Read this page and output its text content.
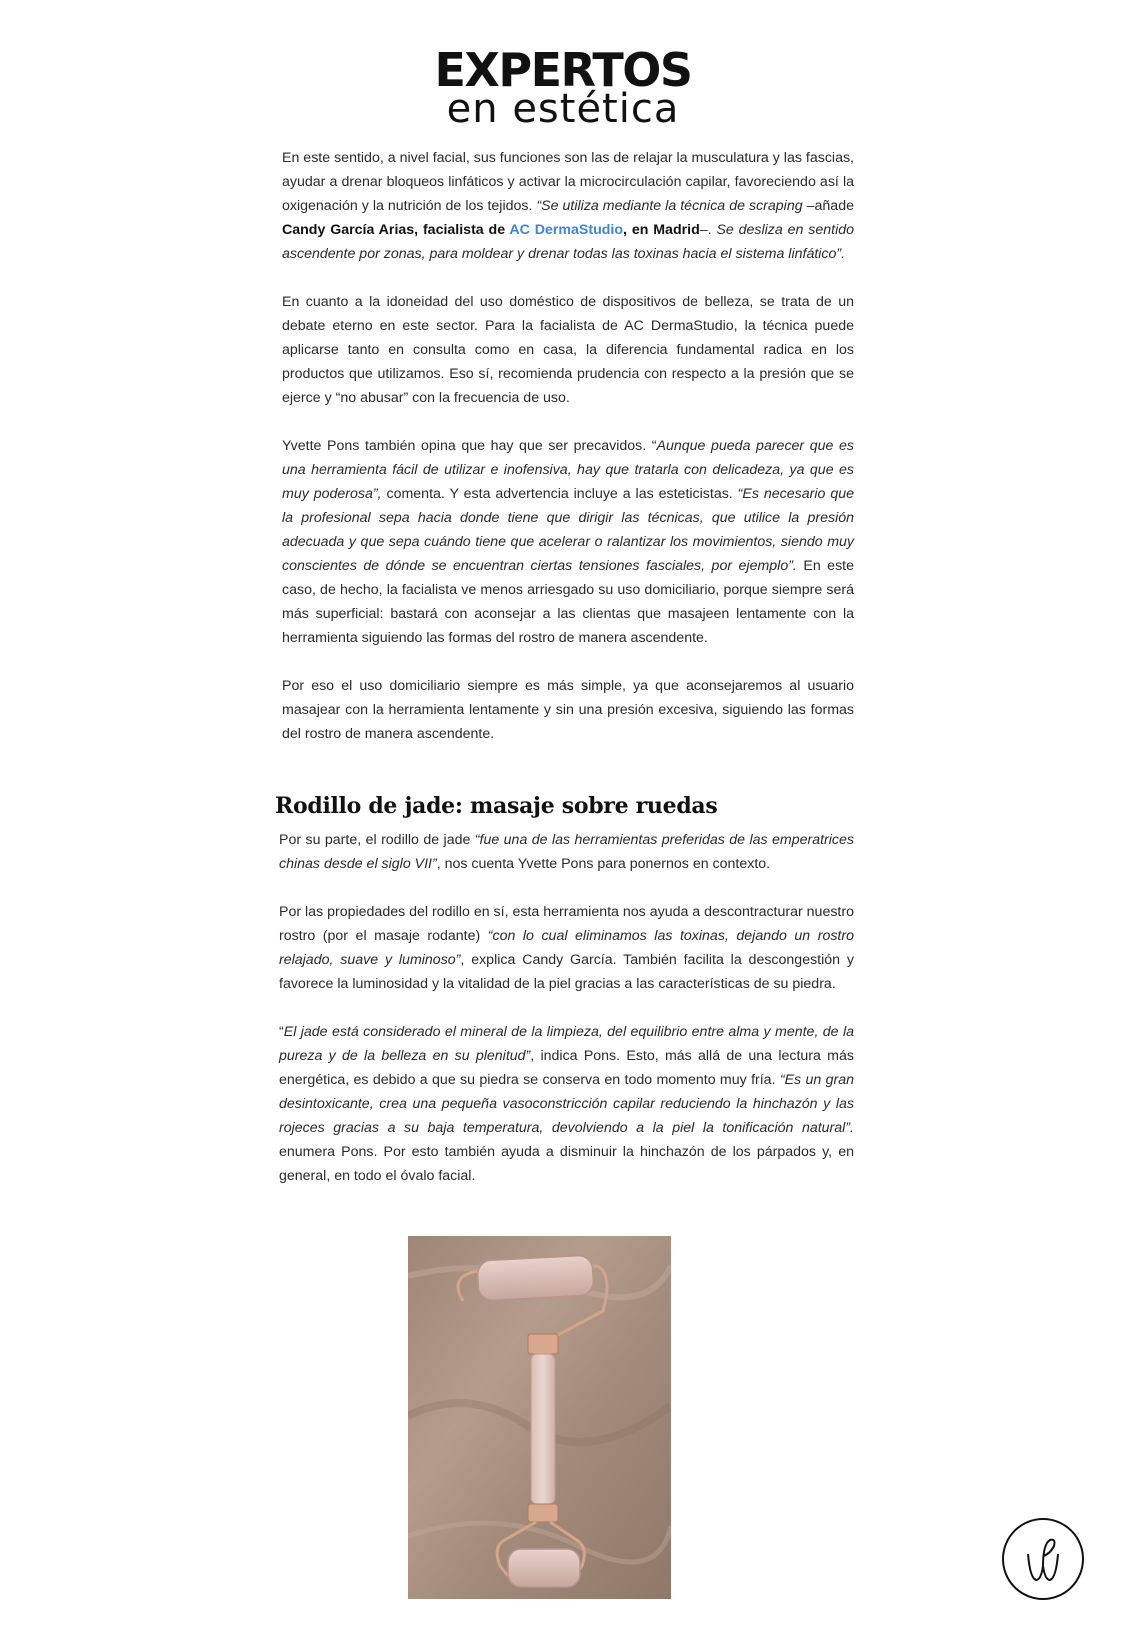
EXPERTOS
en estética

En este sentido, a nivel facial, sus funciones son las de relajar la musculatura y las fascias, ayudar a drenar bloqueos linfáticos y activar la microcirculación capilar, favoreciendo así la oxigenación y la nutrición de los tejidos. “Se utiliza mediante la técnica de scraping –añade Candy García Arias, facialista de AC DermaStudio, en Madrid–. Se desliza en sentido ascendente por zonas, para moldear y drenar todas las toxinas hacia el sistema linfático”.

En cuanto a la idoneidad del uso doméstico de dispositivos de belleza, se trata de un debate eterno en este sector. Para la facialista de AC DermaStudio, la técnica puede aplicarse tanto en consulta como en casa, la diferencia fundamental radica en los productos que utilizamos. Eso sí, recomienda prudencia con respecto a la presión que se ejerce y “no abusar” con la frecuencia de uso.

Yvette Pons también opina que hay que ser precavidos. “Aunque pueda parecer que es una herramienta fácil de utilizar e inofensiva, hay que tratarla con delicadeza, ya que es muy poderosa”, comenta. Y esta advertencia incluye a las esteticistas. “Es necesario que la profesional sepa hacia donde tiene que dirigir las técnicas, que utilice la presión adecuada y que sepa cuándo tiene que acelerar o ralantizar los movimientos, siendo muy conscientes de dónde se encuentran ciertas tensiones fasciales, por ejemplo”. En este caso, de hecho, la facialista ve menos arriesgado su uso domiciliario, porque siempre será más superficial: bastará con aconsejar a las clientas que masajeen lentamente con la herramienta siguiendo las formas del rostro de manera ascendente.

Por eso el uso domiciliario siempre es más simple, ya que aconsejaremos al usuario masajear con la herramienta lentamente y sin una presión excesiva, siguiendo las formas del rostro de manera ascendente.

Rodillo de jade: masaje sobre ruedas

Por su parte, el rodillo de jade “fue una de las herramientas preferidas de las emperatrices chinas desde el siglo VII”, nos cuenta Yvette Pons para ponernos en contexto.

Por las propiedades del rodillo en sí, esta herramienta nos ayuda a descontracturar nuestro rostro (por el masaje rodante) “con lo cual eliminamos las toxinas, dejando un rostro relajado, suave y luminoso”, explica Candy García. También facilita la descongestión y favorece la luminosidad y la vitalidad de la piel gracias a las características de su piedra.

“El jade está considerado el mineral de la limpieza, del equilibrio entre alma y mente, de la pureza y de la belleza en su plenitud”, indica Pons. Esto, más allá de una lectura más energética, es debido a que su piedra se conserva en todo momento muy fría. “Es un gran desintoxicante, crea una pequeña vasoconstricción capilar reduciendo la hinchazón y las rojeces gracias a su baja temperatura, devolviendo a la piel la tonificación natural”. enumera Pons. Por esto también ayuda a disminuir la hinchazón de los párpados y, en general, en todo el óvalo facial.
